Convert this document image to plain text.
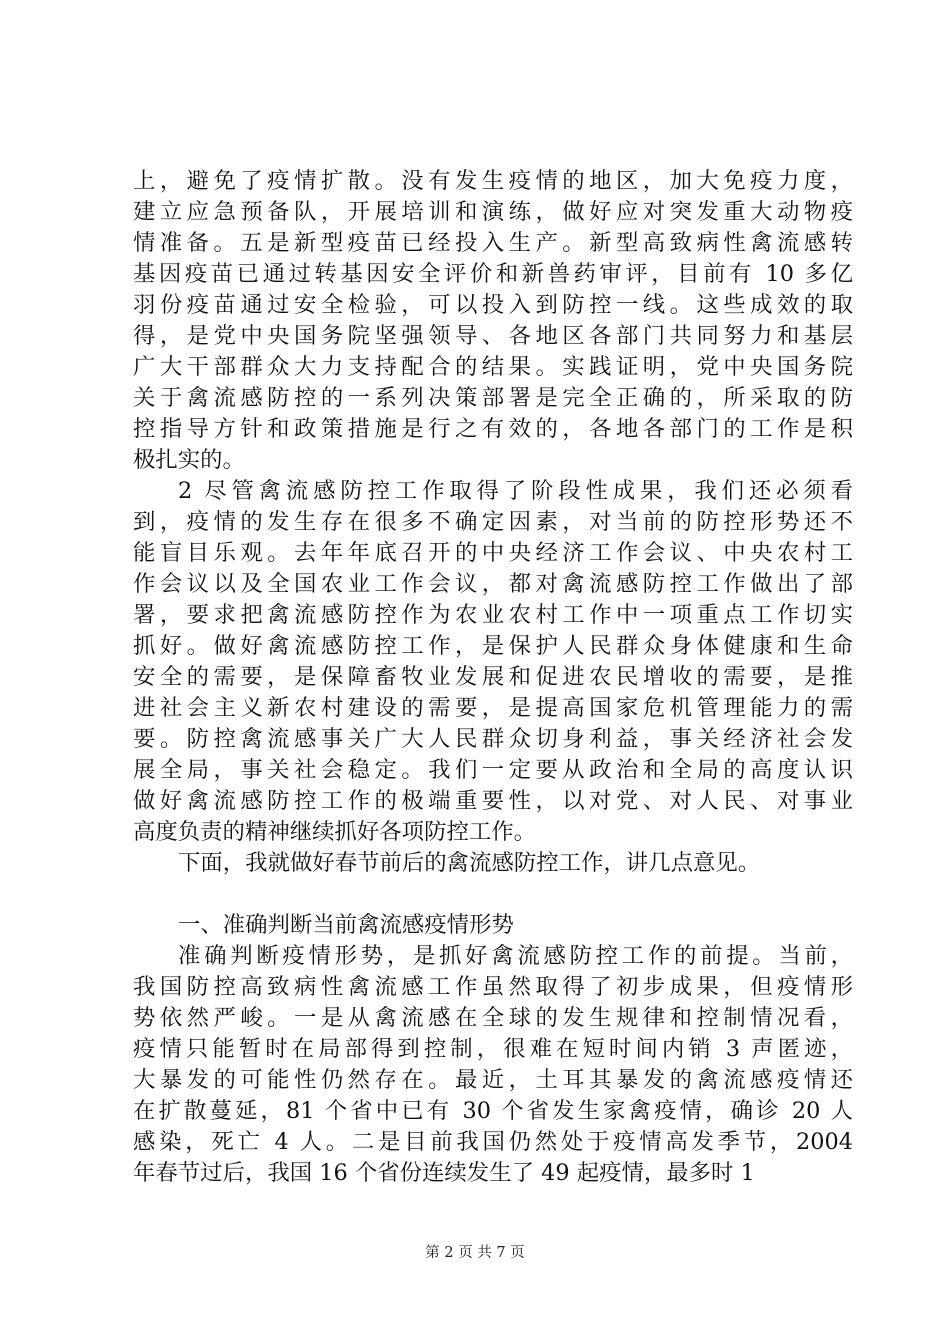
上，避免了疫情扩散。没有发生疫情的地区，加大免疫力度，
建立应急预备队，开展培训和演练，做好应对突发重大动物疫
情准备。五是新型疫苗已经投入生产。新型高致病性禽流感转
基因疫苗已通过转基因安全评价和新兽药审评，目前有 10 多亿
羽份疫苗通过安全检验，可以投入到防控一线。这些成效的取
得，是党中央国务院坚强领导、各地区各部门共同努力和基层
广大干部群众大力支持配合的结果。实践证明，党中央国务院
关于禽流感防控的一系列决策部署是完全正确的，所采取的防
控指导方针和政策措施是行之有效的，各地各部门的工作是积
极扎实的。
2 尽管禽流感防控工作取得了阶段性成果，我们还必须看
到，疫情的发生存在很多不确定因素，对当前的防控形势还不
能盲目乐观。去年年底召开的中央经济工作会议、中央农村工
作会议以及全国农业工作会议，都对禽流感防控工作做出了部
署，要求把禽流感防控作为农业农村工作中一项重点工作切实
抓好。做好禽流感防控工作，是保护人民群众身体健康和生命
安全的需要，是保障畜牧业发展和促进农民增收的需要，是推
进社会主义新农村建设的需要，是提高国家危机管理能力的需
要。防控禽流感事关广大人民群众切身利益，事关经济社会发
展全局，事关社会稳定。我们一定要从政治和全局的高度认识
做好禽流感防控工作的极端重要性，以对党、对人民、对事业
高度负责的精神继续抓好各项防控工作。
下面，我就做好春节前后的禽流感防控工作，讲几点意见。
一、准确判断当前禽流感疫情形势
准确判断疫情形势，是抓好禽流感防控工作的前提。当前，
我国防控高致病性禽流感工作虽然取得了初步成果，但疫情形
势依然严峻。一是从禽流感在全球的发生规律和控制情况看，
疫情只能暂时在局部得到控制，很难在短时间内销 3 声匿迹，
大暴发的可能性仍然存在。最近，土耳其暴发的禽流感疫情还
在扩散蔓延，81 个省中已有 30 个省发生家禽疫情，确诊 20 人
感染，死亡 4 人。二是目前我国仍然处于疫情高发季节，2004
年春节过后，我国 16 个省份连续发生了 49 起疫情，最多时 1
第 2 页 共 7 页
